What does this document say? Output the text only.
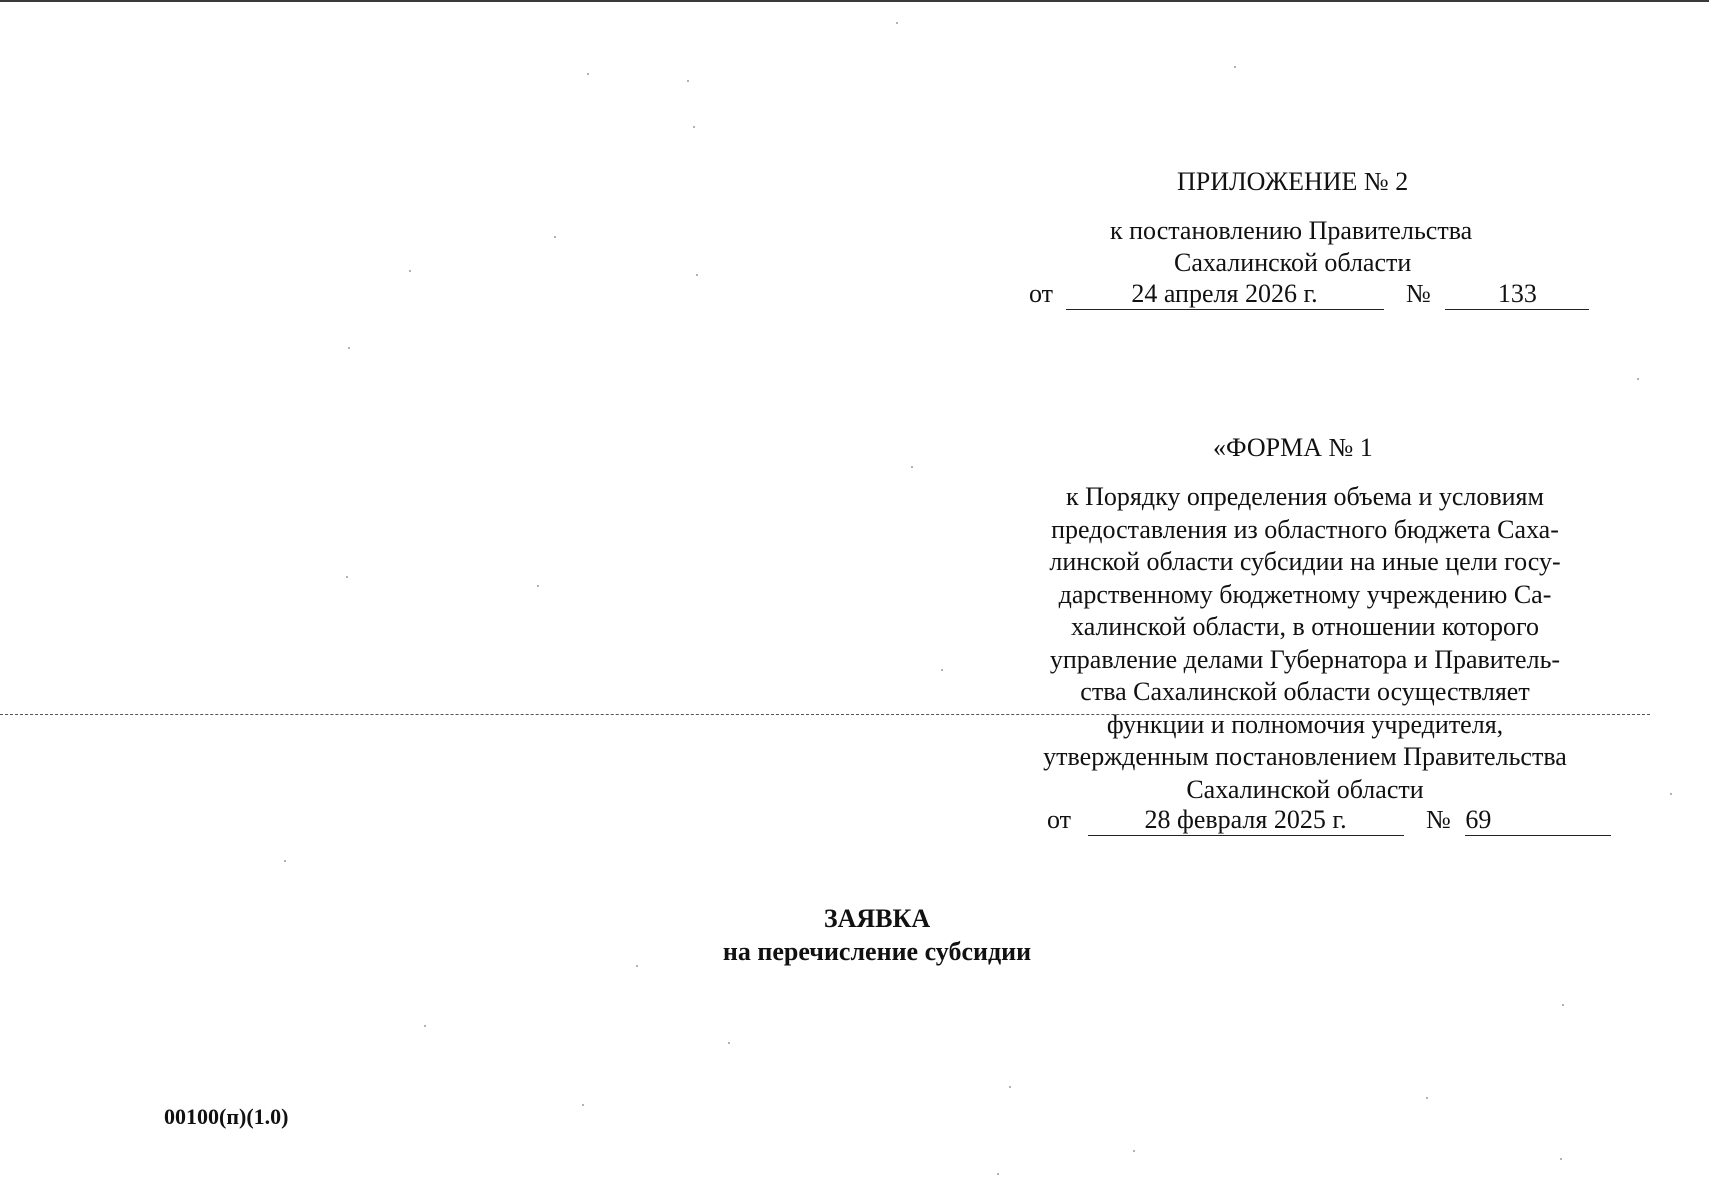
ПРИЛОЖЕНИЕ № 2
к постановлению Правительства
Сахалинской области
от	24 апреля 2026 г.	№	133
«ФОРМА № 1
к Порядку определения объема и условиям
предоставления из областного бюджета Саха-
линской области субсидии на иные цели госу-
дарственному бюджетному учреждению Са-
халинской области, в отношении которого
управление делами Губернатора и Правитель-
ства Сахалинской области осуществляет
функции и полномочия учредителя,
утвержденным постановлением Правительства
Сахалинской области
от	28 февраля 2025 г.	№ 69
ЗАЯВКА
на перечисление субсидии
00100(п)(1.0)
